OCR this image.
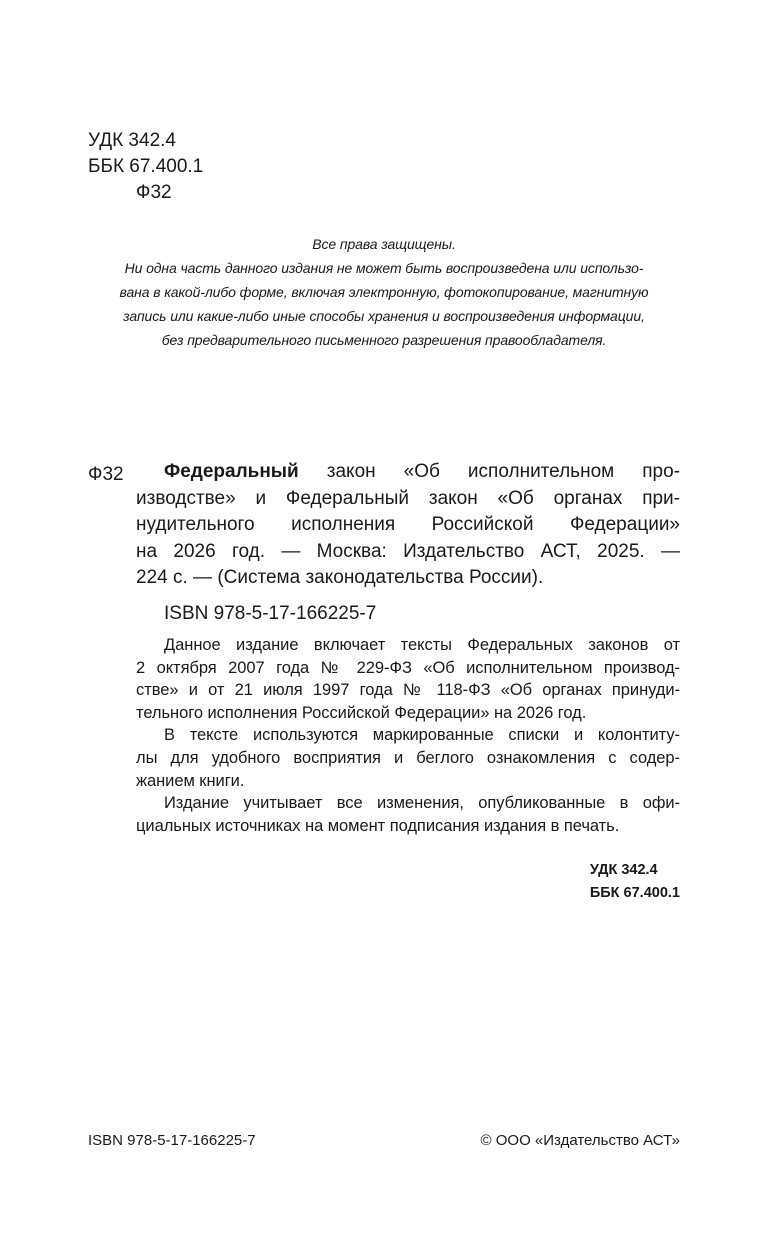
УДК 342.4
ББК 67.400.1
Ф32
Все права защищены.
Ни одна часть данного издания не может быть воспроизведена или использо-
вана в какой-либо форме, включая электронную, фотокопирование, магнитную
запись или какие-либо иные способы хранения и воспроизведения информации,
без предварительного письменного разрешения правообладателя.
Ф32	Федеральный закон «Об исполнительном про-
изводстве» и Федеральный закон «Об органах при-
нудительного исполнения Российской Федерации»
на 2026 год. — Москва: Издательство АСТ, 2025. —
224 с. — (Система законодательства России).
ISBN 978-5-17-166225-7
Данное издание включает тексты Федеральных законов от
2 октября 2007 года № 229-ФЗ «Об исполнительном производ-
стве» и от 21 июля 1997 года № 118-ФЗ «Об органах принуди-
тельного исполнения Российской Федерации» на 2026 год.
В тексте используются маркированные списки и колонтиту-
лы для удобного восприятия и беглого ознакомления с содер-
жанием книги.
Издание учитывает все изменения, опубликованные в офи-
циальных источниках на момент подписания издания в печать.
УДК 342.4
ББК 67.400.1
ISBN 978-5-17-166225-7	© ООО «Издательство АСТ»
